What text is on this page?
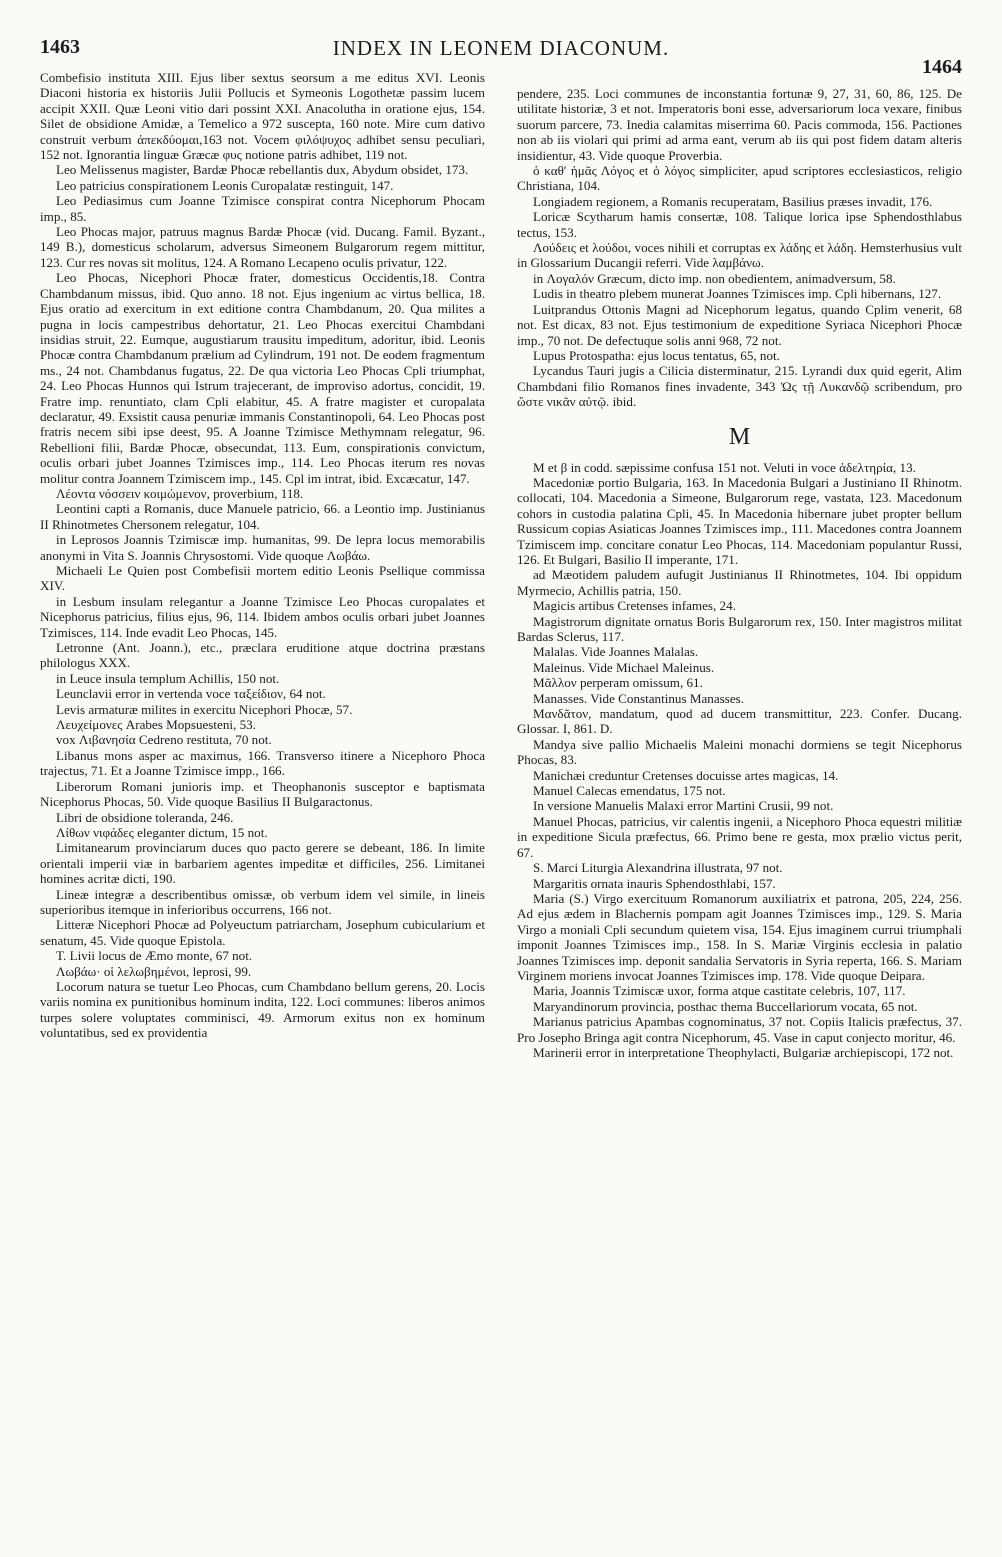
1463	INDEX IN LEONEM DIACONUM.
1464

Combefisio instituta XIII. Ejus liber sextus seorsum a me editus XVI. Leonis Diaconi historia ex historiis Julii Pollucis et Symeonis Logothetæ passim lucem accipit XXII. Quæ Leoni vitio dari possint XXI. Anacolutha in oratione ejus, 154. Silet de obsidione Amidæ, a Temelico a 972 suscepta, 160 note. Mire cum dativo construit verbum ἀπεκδύομαι,163 not. Vocem φιλόψυχος adhibet sensu peculiari, 152 not. Ignorantia linguæ Græcæ φυς notione patris adhibet, 119 not.

Leo Melissenus magister, Bardæ Phocæ rebellantis dux, Abydum obsidet, 173.

Leo patricius conspirationem Leonis Curopalatæ restinguit, 147.

Leo Pediasimus cum Joanne Tzimisce conspirat contra Nicephorum Phocam imp., 85.

Leo Phocas major, patruus magnus Bardæ Phocæ (vid. Ducang. Famil. Byzant., 149 B.), domesticus scholarum, adversus Simeonem Bulgarorum regem mittitur, 123. Cur res novas sit molitus, 124. A Romano Lecapeno oculis privatur, 122.

Leo Phocas, Nicephori Phocæ frater, domesticus Occidentis,18. Contra Chambdanum missus, ibid. Quo anno. 18 not. Ejus ingenium ac virtus bellica, 18. Ejus oratio ad exercitum in ext editione contra Chambdanum, 20. Qua milites a pugna in locis campestribus dehortatur, 21. Leo Phocas exercitui Chambdani insidias struit, 22. Eumque, augustiarum trausitu impeditum, adoritur, ibid. Leonis Phocæ contra Chambdanum prælium ad Cylindrum, 191 not. De eodem fragmentum ms., 24 not. Chambdanus fugatus, 22. De qua victoria Leo Phocas Cpli triumphat, 24. Leo Phocas Hunnos qui Istrum trajecerant, de improviso adortus, concidit, 19. Fratre imp. renuntiato, clam Cpli elabitur, 45. A fratre magister et curopalata declaratur, 49. Exsistit causa penuriæ immanis Constantinopoli, 64. Leo Phocas post fratris necem sibi ipse deest, 95. A Joanne Tzimisce Methymnam relegatur, 96. Rebellioni filii, Bardæ Phocæ, obsecundat, 113. Eum, conspirationis convictum, oculis orbari jubet Joannes Tzimisces imp., 114. Leo Phocas iterum res novas molitur contra Joannem Tzimiscem imp., 145. Cpl im intrat, ibid. Excæcatur, 147.

Λέοντα νόσσειν κοιμώμενον, proverbium, 118.

Leontini capti a Romanis, duce Manuele patricio, 66. a Leontio imp. Justinianus II Rhinotmetes Chersonem relegatur, 104.

in Leprosos Joannis Tzimiscæ imp. humanitas, 99. De lepra locus memorabilis anonymi in Vita S. Joannis Chrysostomi. Vide quoque Λωβάω.

Michaeli Le Quien post Combefisii mortem editio Leonis Psellique commissa XIV.

in Lesbum insulam relegantur a Joanne Tzimisce Leo Phocas curopalates et Nicephorus patricius, filius ejus, 96, 114. Ibidem ambos oculis orbari jubet Joannes Tzimisces, 114. Inde evadit Leo Phocas, 145.

Letronne (Ant. Joann.), etc., præclara eruditione atque doctrina præstans philologus XXX.

in Leuce insula templum Achillis, 150 not.

Leunclavii error in vertenda voce ταξείδιον, 64 not.

Levis armaturæ milites in exercitu Nicephori Phocæ, 57.

Λευχείμονες Arabes Mopsuesteni, 53.

vox Λιβανησία Cedreno restituta, 70 not.

Libanus mons asper ac maximus, 166. Transverso itinere a Nicephoro Phoca trajectus, 71. Et a Joanne Tzimisce impp., 166.

Liberorum Romani junioris imp. et Theophanonis susceptor e baptismata Nicephorus Phocas, 50. Vide quoque Basilius II Bulgaractonus.

Libri de obsidione toleranda, 246.

Λίθων νιφάδες eleganter dictum, 15 not.

Limitanearum provinciarum duces quo pacto gerere se debeant, 186. In limite orientali imperii viæ in barbariem agentes impeditæ et difficiles, 256. Limitanei homines acritæ dicti, 190.

Lineæ integræ a describentibus omissæ, ob verbum idem vel simile, in lineis superioribus itemque in inferioribus occurrens, 166 not.

Litteræ Nicephori Phocæ ad Polyeuctum patriarcham, Josephum cubicularium et senatum, 45. Vide quoque Epistola.

T. Livii locus de Æmo monte, 67 not.

Λωβάω· οἱ λελωβημένοι, leprosi, 99.

Locorum natura se tuetur Leo Phocas, cum Chambdano bellum gerens, 20. Locis variis nomina ex punitionibus hominum indita, 122. Loci communes: liberos animos turpes solere voluptates comminisci, 49. Armorum exitus non ex hominum voluntatibus, sed ex providentia

pendere, 235. Loci communes de inconstantia fortunæ 9, 27, 31, 60, 86, 125. De utilitate historiæ, 3 et not. Imperatoris boni esse, adversariorum loca vexare, finibus suorum parcere, 73. Inedia calamitas miserrima 60. Pacis commoda, 156. Pactiones non ab iis violari qui primi ad arma eant, verum ab iis qui post fidem datam alteris insidientur, 43. Vide quoque Proverbia.

ὁ καθ' ἡμᾶς Λόγος et ὁ λόγος simpliciter, apud scriptores ecclesiasticos, religio Christiana, 104.

Longiadem regionem, a Romanis recuperatam, Basilius præses invadit, 176.

Loricæ Scytharum hamis consertæ, 108. Talique lorica ipse Sphendosthlabus tectus, 153.

Λούδεις et λούδοι, voces nihili et corruptas ex λάδης et λάδη. Hemsterhusius vult in Glossarium Ducangii referri. Vide λαμβάνω.

in Λογαλόν Græcum, dicto imp. non obedientem, animadversum, 58.

Ludis in theatro plebem munerat Joannes Tzimisces imp. Cpli hibernans, 127.

Luitprandus Ottonis Magni ad Nicephorum legatus, quando Cplim venerit, 68 not. Est dicax, 83 not. Ejus testimonium de expeditione Syriaca Nicephori Phocæ imp., 70 not. De defectuque solis anni 968, 72 not.

Lupus Protospatha: ejus locus tentatus, 65, not.

Lycandus Tauri jugis a Cilicia disterminatur, 215. Lyrandi dux quid egerit, Alim Chambdani filio Romanos fines invadente, 343 Ὡς τῇ Λυκανδῷ scribendum, pro ὥστε νικᾶν αὐτῷ. ibid.

M

M et β in codd. sæpissime confusa 151 not. Veluti in voce ἀδελτηρία, 13.

Macedoniæ portio Bulgaria, 163. In Macedonia Bulgari a Justiniano II Rhinotm. collocati, 104. Macedonia a Simeone, Bulgarorum rege, vastata, 123. Macedonum cohors in custodia palatina Cpli, 45. In Macedonia hibernare jubet propter bellum Russicum copias Asiaticas Joannes Tzimisces imp., 111. Macedones contra Joannem Tzimiscem imp. concitare conatur Leo Phocas, 114. Macedoniam populantur Russi, 126. Et Bulgari, Basilio II imperante, 171.

ad Mæotidem paludem aufugit Justinianus II Rhinotmetes, 104. Ibi oppidum Myrmecio, Achillis patria, 150.

Magicis artibus Cretenses infames, 24.

Magistrorum dignitate ornatus Boris Bulgarorum rex, 150. Inter magistros militat Bardas Sclerus, 117.

Malalas. Vide Joannes Malalas.

Maleinus. Vide Michael Maleinus.

Μᾶλλον perperam omissum, 61.

Manasses. Vide Constantinus Manasses.

Μανδᾶτον, mandatum, quod ad ducem transmittitur, 223. Confer. Ducang. Glossar. I, 861. D.

Mandya sive pallio Michaelis Maleini monachi dormiens se tegit Nicephorus Phocas, 83.

Manichæi creduntur Cretenses docuisse artes magicas, 14.

Manuel Calecas emendatus, 175 not.

In versione Manuelis Malaxi error Martini Crusii, 99 not.

Manuel Phocas, patricius, vir calentis ingenii, a Nicephoro Phoca equestri militiæ in expeditione Sicula præfectus, 66. Primo bene re gesta, mox prælio victus perit, 67.

S. Marci Liturgia Alexandrina illustrata, 97 not.

Margaritis ornata inauris Sphendosthlabi, 157.

Maria (S.) Virgo exercituum Romanorum auxiliatrix et patrona, 205, 224, 256. Ad ejus ædem in Blachernis pompam agit Joannes Tzimisces imp., 129. S. Maria Virgo a moniali Cpli secundum quietem visa, 154. Ejus imaginem currui triumphali imponit Joannes Tzimisces imp., 158. In S. Mariæ Virginis ecclesia in palatio Joannes Tzimisces imp. deponit sandalia Servatoris in Syria reperta, 166. S. Mariam Virginem moriens invocat Joannes Tzimisces imp. 178. Vide quoque Deipara.

Maria, Joannis Tzimiscæ uxor, forma atque castitate celebris, 107, 117.

Maryandinorum provincia, posthac thema Buccellariorum vocata, 65 not.

Marianus patricius Apambas cognominatus, 37 not. Copiis Italicis præfectus, 37. Pro Josepho Bringa agit contra Nicephorum, 45. Vase in caput conjecto moritur, 46.

Marinerii error in interpretatione Theophylacti, Bulgariæ archiepiscopi, 172 not.
